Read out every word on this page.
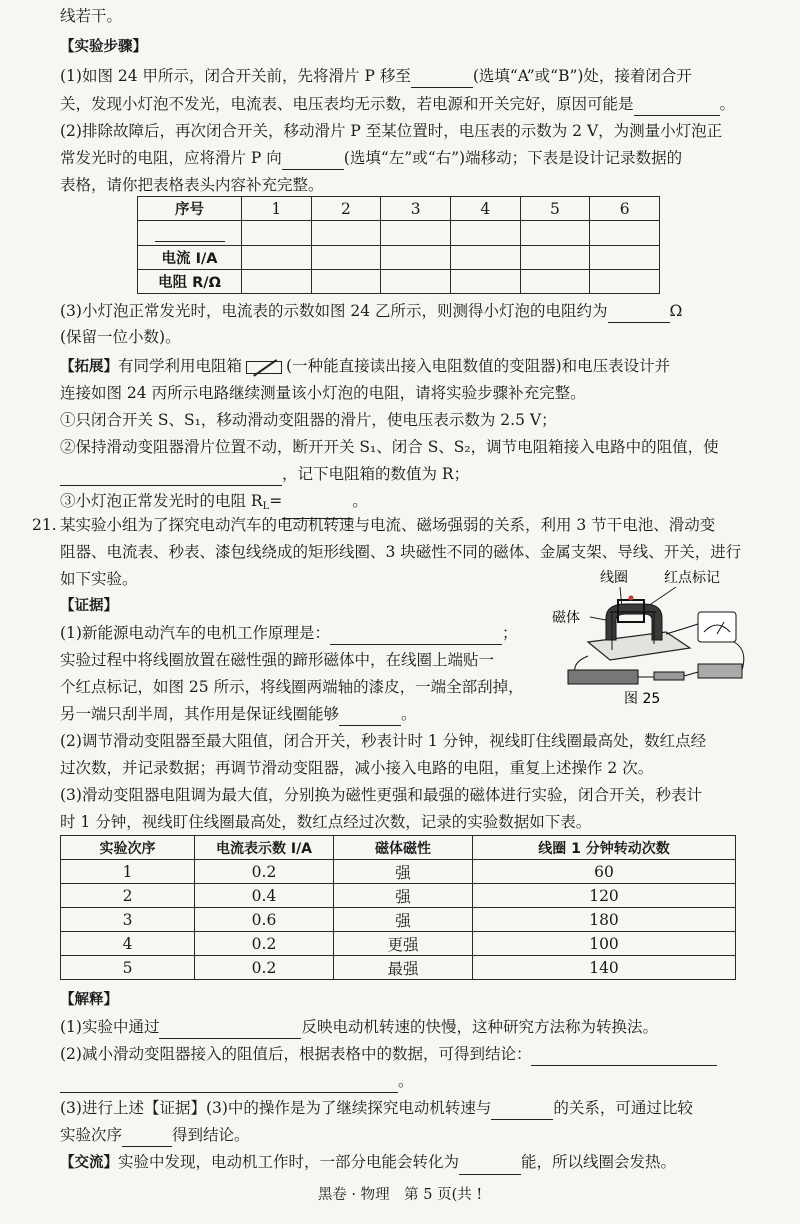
线若干。
【实验步骤】
(1)如图 24 甲所示，闭合开关前，先将滑片 P 移至	(选填“A”或“B”)处，接着闭合开
关，发现小灯泡不发光，电流表、电压表均无示数，若电源和开关完好，原因可能是	。
(2)排除故障后，再次闭合开关，移动滑片 P 至某位置时，电压表的示数为 2 V，为测量小灯泡正
常发光时的电阻，应将滑片 P 向	(选填“左”或“右”)端移动；下表是设计记录数据的
表格，请你把表格表头内容补充完整。
序号	1	2	3	4	5	6

电流 I/A						
电阻 R/Ω						
(3)小灯泡正常发光时，电流表的示数如图 24 乙所示，则测得小灯泡的电阻约为	Ω
(保留一位小数)。
【拓展】有同学利用电阻箱	(一种能直接读出接入电阻数值的变阻器)和电压表设计并
连接如图 24 丙所示电路继续测量该小灯泡的电阻，请将实验步骤补充完整。
①只闭合开关 S、S₁，移动滑动变阻器的滑片，使电压表示数为 2.5 V；
②保持滑动变阻器滑片位置不动，断开开关 S₁、闭合 S、S₂，调节电阻箱接入电路中的阻值，使
，记下电阻箱的数值为 R；
③小灯泡正常发光时的电阻 $R_L=$	。
21. 某实验小组为了探究电动汽车的电动机转速与电流、磁场强弱的关系，利用 3 节干电池、滑动变
阻器、电流表、秒表、漆包线绕成的矩形线圈、3 块磁性不同的磁体、金属支架、导线、开关，进行
如下实验。
【证据】
(1)新能源电动汽车的电机工作原理是：	；
实验过程中将线圈放置在磁性强的蹄形磁体中，在线圈上端贴一
个红点标记，如图 25 所示，将线圈两端轴的漆皮，一端全部刮掉，
另一端只刮半周，其作用是保证线圈能够	。
线圈	红点标记
磁体
图 25
(2)调节滑动变阻器至最大阻值，闭合开关，秒表计时 1 分钟，视线盯住线圈最高处，数红点经
过次数，并记录数据；再调节滑动变阻器，减小接入电路的电阻，重复上述操作 2 次。
(3)滑动变阻器电阻调为最大值，分别换为磁性更强和最强的磁体进行实验，闭合开关，秒表计
时 1 分钟，视线盯住线圈最高处，数红点经过次数，记录的实验数据如下表。
实验次序	电流表示数 I/A	磁体磁性	线圈 1 分钟转动次数
1	0.2	强	60
2	0.4	强	120
3	0.6	强	180
4	0.2	更强	100
5	0.2	最强	140
【解释】
(1)实验中通过	反映电动机转速的快慢，这种研究方法称为转换法。
(2)减小滑动变阻器接入的阻值后，根据表格中的数据，可得到结论：
。
(3)进行上述【证据】(3)中的操作是为了继续探究电动机转速与	的关系，可通过比较
实验次序	得到结论。
【交流】实验中发现，电动机工作时，一部分电能会转化为	能，所以线圈会发热。
黑卷 · 物理　第 5 页(共 !
